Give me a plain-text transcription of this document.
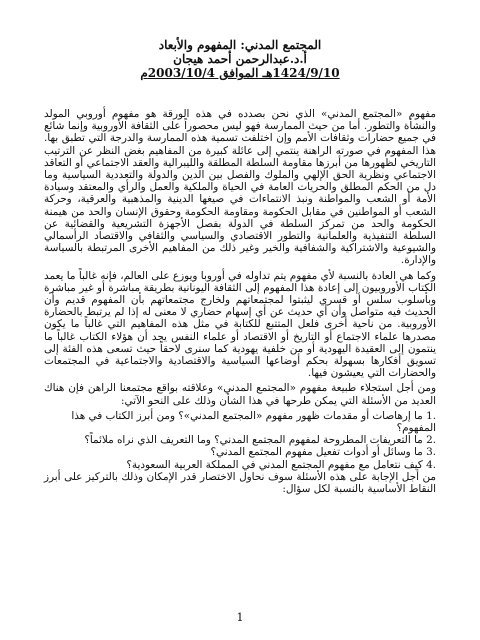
المجتمع المدني: المفهوم والأبعاد
أ.د.عبدالرحمن أحمد هيجان
1424/9/10هـ الموافق 2003/10/4م

مفهوم «المجتمع المدني» الذي نحن بصدده في هذه الورقة هو مفهوم أوروبي المولد والنشأة والتطور. أما من حيث الممارسة فهو ليس محصوراً على الثقافة الأوروبية وإنما شائع في جميع حضارات وثقافات الأمم وإن اختلفت تسمية هذه الممارسة والدرجة التي تطبق بها. هذا المفهوم في صورته الراهنة ينتمي إلى عائلة كبيرة من المفاهيم بغض النظر عن الترتيب التاريخي لظهورها من أبرزها مقاومة السلطة المطلقة والليبرالية والعقد الاجتماعي أو التعاقد الاجتماعي ونظرية الحق الإلهي والملوك والفصل بين الدين والدولة والتعددية السياسية وما دل من الحكم المطلق والحريات العامة في الحياة والملكية والعمل والرأي والمعتقد وسيادة الأمة أو الشعب والمواطنة ونبذ الانتماءات في صيغها الدينية والمذهبية والعرقية، وحركة الشعب أو المواطنين في مقابل الحكومة ومقاومة الحكومة وحقوق الإنسان والحد من هيمنة الحكومة والحد من تمركز السلطة في الدولة بفصل الأجهزة التشريعية والقضائية عن السلطة التنفيذية والعلمانية والتطور الاقتصادي والسياسي والثقافي والاقتصاد الرأسمالي والشيوعية والاشتراكية والشفافية والخير وغير ذلك من المفاهيم الأخرى المرتبطة بالسياسة والإدارة.

وكما هي العادة بالنسبة لأي مفهوم يتم تداوله في أوروبا ويوزع على العالم، فإنه غالباً ما يعمد الكتاب الأوروبيون إلى إعادة هذا المفهوم إلى الثقافة اليونانية بطريقة مباشرة أو غير مباشرة وبأسلوب سلس أو قسري ليثبتوا لمجتمعاتهم ولخارج مجتمعاتهم بأن المفهوم قديم وأن الحديث فيه متواصل وأن أي حديث عن أي إسهام حضاري لا معنى له إذا لم يرتبط بالحضارة الأوروبية. من ناحية أخرى فلعل المتتبع للكتابة في مثل هذه المفاهيم التي غالباً ما يكون مصدرها علماء الاجتماع أو التاريخ أو الاقتصاد أو علماء النفس يجد أن هؤلاء الكتاب غالباً ما ينتمون إلى العقيدة اليهودية أو من خلفية يهودية كما سنرى لاحقاً حيث تسعى هذه الفئة إلى تسويق أفكارها بسهولة بحكم أوضاعها السياسية والاقتصادية والاجتماعية في المجتمعات والحضارات التي يعيشون فيها.

ومن أجل استجلاء طبيعة مفهوم «المجتمع المدني» وعلاقته بواقع مجتمعنا الراهن فإن هناك العديد من الأسئلة التي يمكن طرحها في هذا الشأن وذلك على النحو الآتي:

.1 ما إرهاصات أو مقدمات ظهور مفهوم «المجتمع المدني»؟ ومن أبرز الكتاب في هذا المفهوم؟
.2 ما التعريفات المطروحة لمفهوم المجتمع المدني؟ وما التعريف الذي نراه ملائماً؟
.3 ما وسائل أو أدوات تفعيل مفهوم المجتمع المدني؟
.4 كيف نتعامل مع مفهوم المجتمع المدني في المملكة العربية السعودية؟

من أجل الإجابة على هذه الأسئلة سوف نحاول الاختصار قدر الإمكان وذلك بالتركيز على أبرز النقاط الأساسية بالنسبة لكل سؤال:

1
